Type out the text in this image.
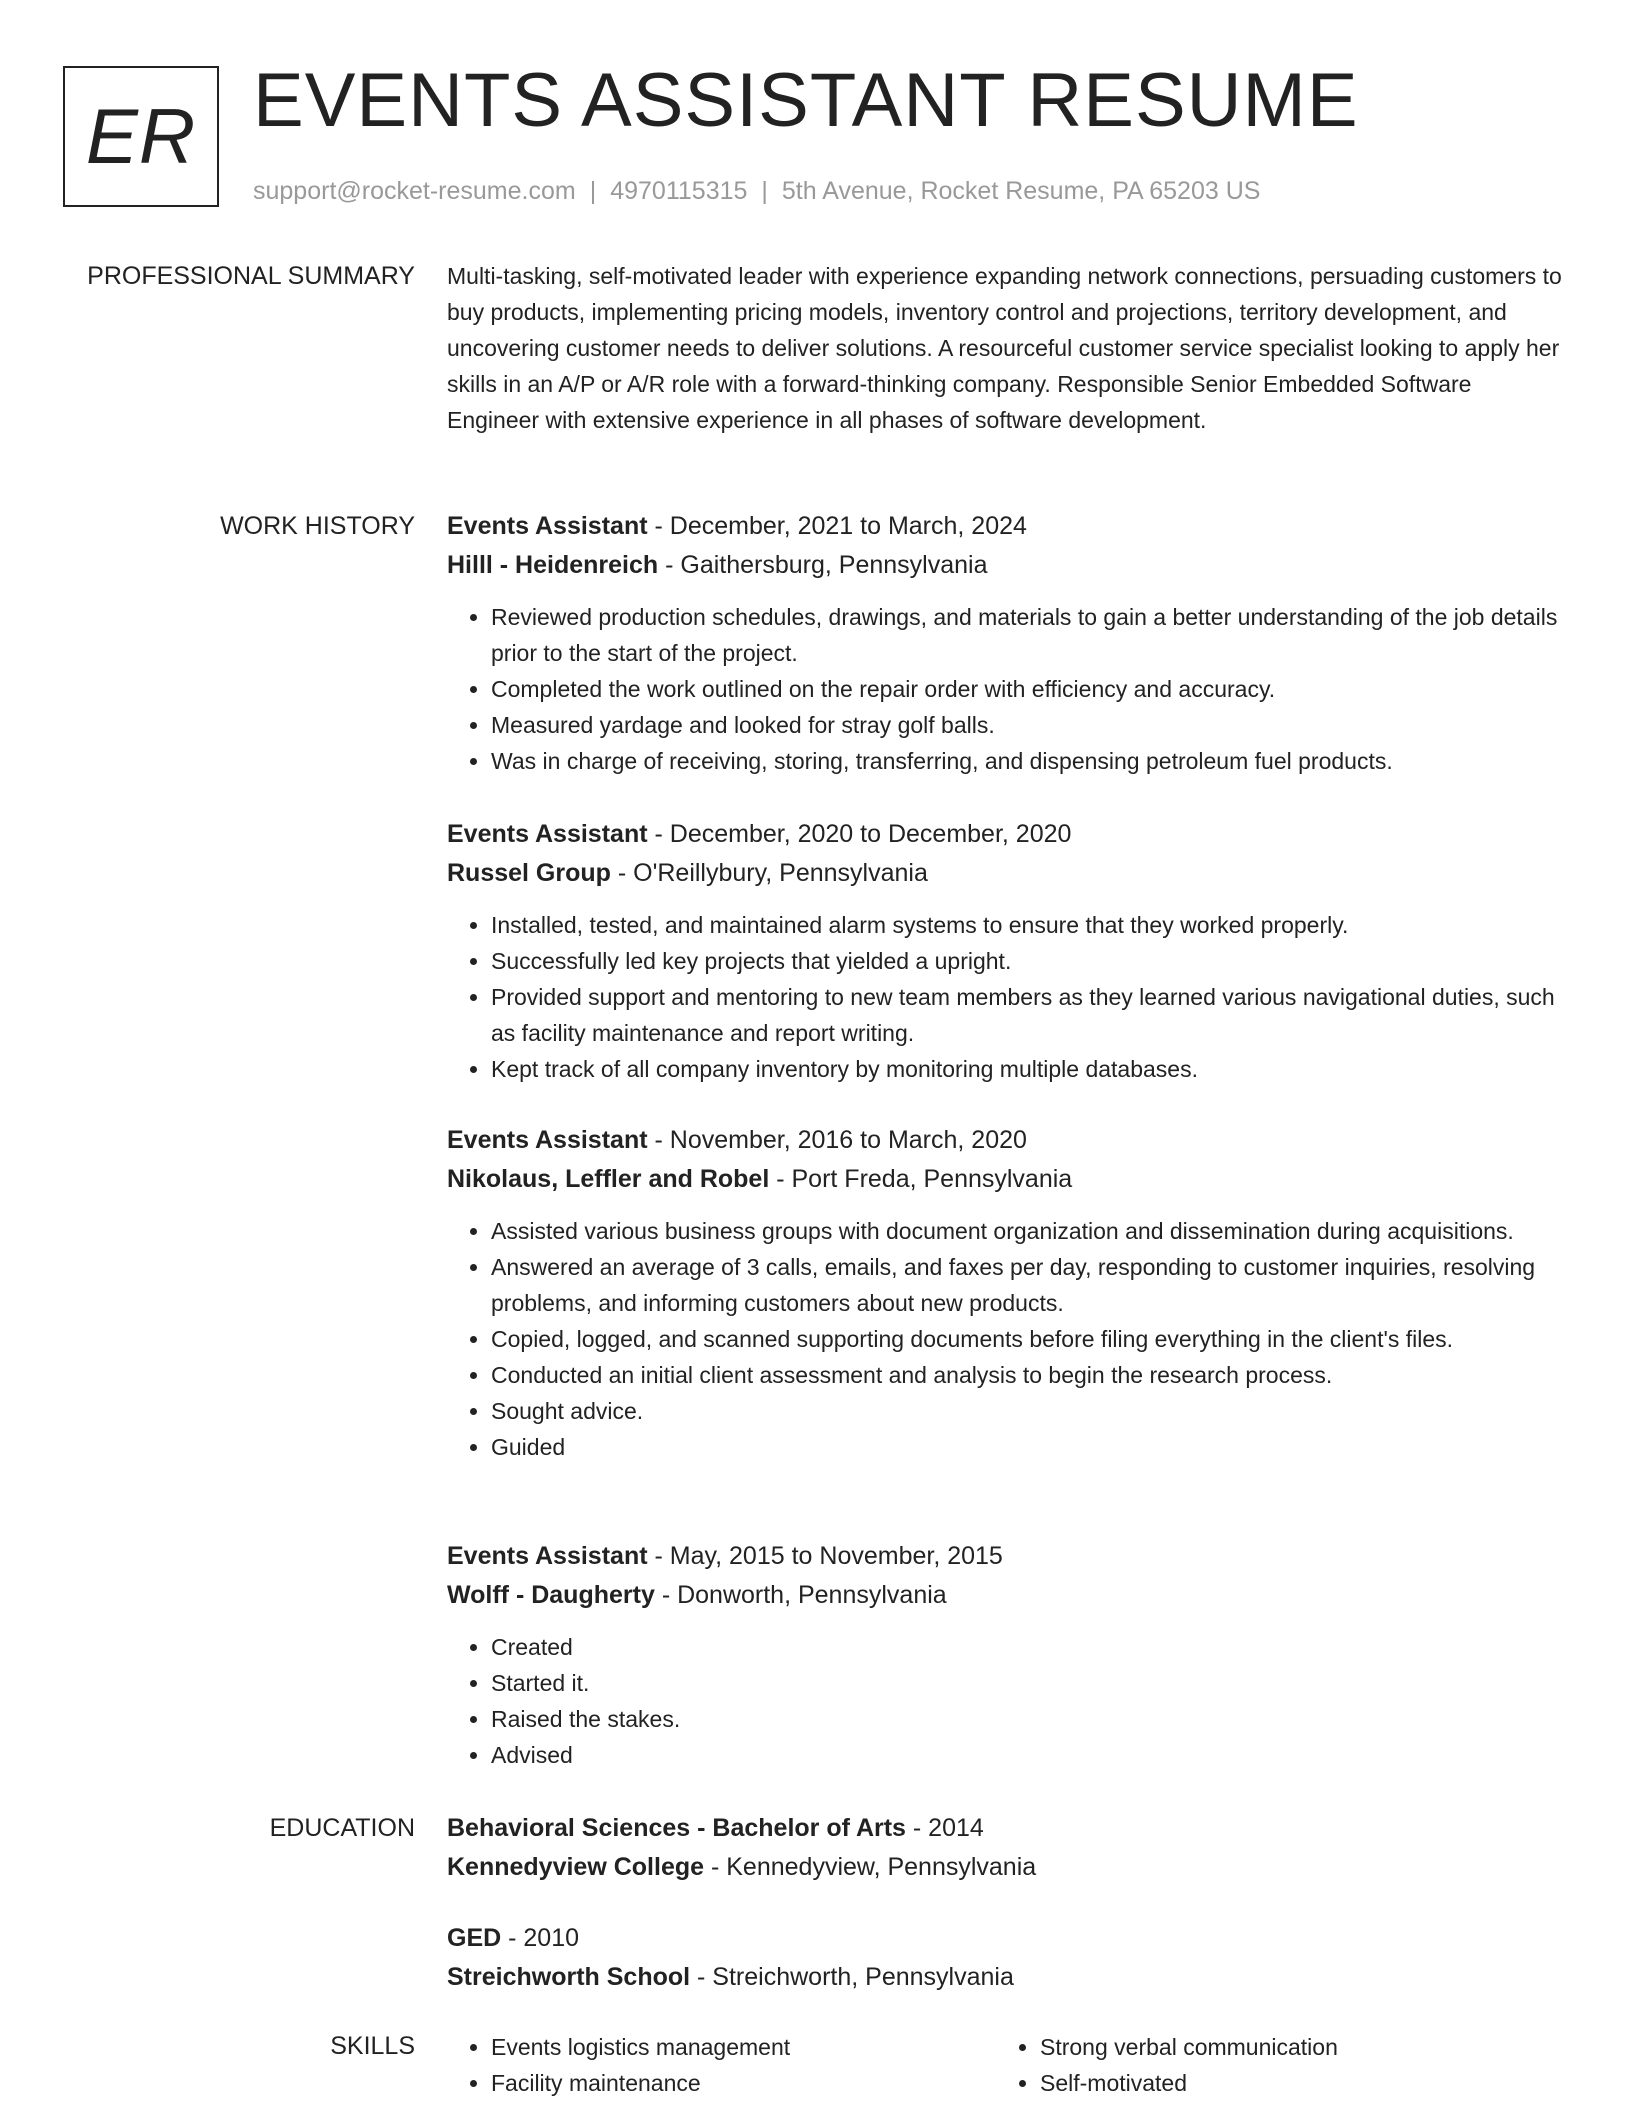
ER EVENTS ASSISTANT RESUME
support@rocket-resume.com | 4970115315 | 5th Avenue, Rocket Resume, PA 65203 US
PROFESSIONAL SUMMARY Multi-tasking, self-motivated leader with experience expanding network connections, persuading customers to buy products, implementing pricing models, inventory control and projections, territory development, and uncovering customer needs to deliver solutions. A resourceful customer service specialist looking to apply her skills in an A/P or A/R role with a forward-thinking company. Responsible Senior Embedded Software Engineer with extensive experience in all phases of software development.

WORK HISTORY Events Assistant - December, 2021 to March, 2024
Hilll - Heidenreich - Gaithersburg, Pennsylvania
• Reviewed production schedules, drawings, and materials to gain a better understanding of the job details prior to the start of the project.
• Completed the work outlined on the repair order with efficiency and accuracy.
• Measured yardage and looked for stray golf balls.
• Was in charge of receiving, storing, transferring, and dispensing petroleum fuel products.
Events Assistant - December, 2020 to December, 2020
Russel Group - O'Reillybury, Pennsylvania
• Installed, tested, and maintained alarm systems to ensure that they worked properly.
• Successfully led key projects that yielded a upright.
• Provided support and mentoring to new team members as they learned various navigational duties, such as facility maintenance and report writing.
• Kept track of all company inventory by monitoring multiple databases.
Events Assistant - November, 2016 to March, 2020
Nikolaus, Leffler and Robel - Port Freda, Pennsylvania
• Assisted various business groups with document organization and dissemination during acquisitions.
• Answered an average of 3 calls, emails, and faxes per day, responding to customer inquiries, resolving problems, and informing customers about new products.
• Copied, logged, and scanned supporting documents before filing everything in the client's files.
• Conducted an initial client assessment and analysis to begin the research process.
• Sought advice.
• Guided
Events Assistant - May, 2015 to November, 2015
Wolff - Daugherty - Donworth, Pennsylvania
• Created
• Started it.
• Raised the stakes.
• Advised
EDUCATION Behavioral Sciences - Bachelor of Arts - 2014
Kennedyview College - Kennedyview, Pennsylvania
GED - 2010
Streichworth School - Streichworth, Pennsylvania
SKILLS
•	Events logistics management
• Facility maintenance
• Strong verbal communication
• Self-motivated
